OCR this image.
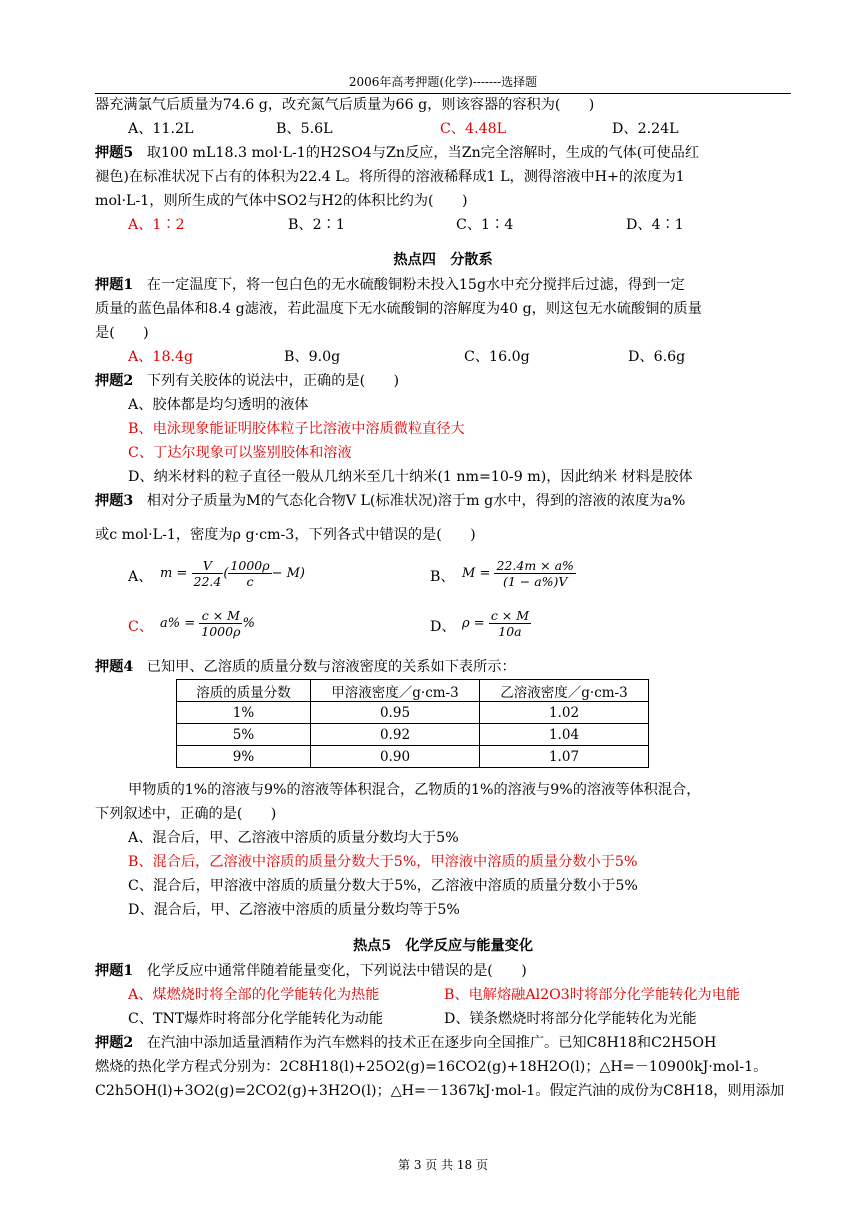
2006年高考押题(化学)-------选择题
器充满氯气后质量为74.6 g，改充氮气后质量为66 g，则该容器的容积为(　　)
A、11.2L	B、5.6L	C、4.48L	D、2.24L
押题5 取100 mL18.3 mol·L-1的H2SO4与Zn反应，当Zn完全溶解时，生成的气体(可使品红
褪色)在标准状况下占有的体积为22.4 L。将所得的溶液稀释成1 L，测得溶液中H+的浓度为1
mol·L-1，则所生成的气体中SO2与H2的体积比约为(　　)
A、1∶2	B、2∶1	C、1∶4	D、4∶1
热点四　分散系
押题1 在一定温度下，将一包白色的无水硫酸铜粉未投入15g水中充分搅拌后过滤，得到一定
质量的蓝色晶体和8.4 g滤液，若此温度下无水硫酸铜的溶解度为40 g，则这包无水硫酸铜的质量
是(　　)
A、18.4g	B、9.0g	C、16.0g	D、6.6g
押题2 下列有关胶体的说法中，正确的是(　　)
A、胶体都是均匀透明的液体
B、电泳现象能证明胶体粒子比溶液中溶质微粒直径大
C、丁达尔现象可以鉴别胶体和溶液
D、纳米材料的粒子直径一般从几纳米至几十纳米(1 nm=10-9 m)，因此纳米 材料是胶体
押题3 相对分子质量为M的气态化合物V L(标准状况)溶于m g水中，得到的溶液的浓度为a%
或c mol·L-1，密度为ρ g·cm-3，下列各式中错误的是(　　)
A、 $m = \frac{V}{22.4}$ ( $\frac{1000\rho}{c} - M$)	B、 $M = \frac{22.4m \times a\%}{(1 - a\%)V}$
C、 $a\% = \frac{c \times M}{1000\rho}$ %	D、 $\rho = \frac{c \times M}{10a}$
押题4 已知甲、乙溶质的质量分数与溶液密度的关系如下表所示：
溶质的质量分数	甲溶液密度／g·cm-3	乙溶液密度／g·cm-3
1%	0.95	1.02
5%	0.92	1.04
9%	0.90	1.07
甲物质的1%的溶液与9%的溶液等体积混合，乙物质的1%的溶液与9%的溶液等体积混合，
下列叙述中，正确的是(　　)
A、混合后，甲、乙溶液中溶质的质量分数均大于5%
B、混合后，乙溶液中溶质的质量分数大于5%，甲溶液中溶质的质量分数小于5%
C、混合后，甲溶液中溶质的质量分数大于5%，乙溶液中溶质的质量分数小于5%
D、混合后，甲、乙溶液中溶质的质量分数均等于5%
热点5　化学反应与能量变化
押题1 化学反应中通常伴随着能量变化，下列说法中错误的是(　　)
A、煤燃烧时将全部的化学能转化为热能	B、电解熔融Al2O3时将部分化学能转化为电能
C、TNT爆炸时将部分化学能转化为动能	D、镁条燃烧时将部分化学能转化为光能
押题2 在汽油中添加适量酒精作为汽车燃料的技术正在逐步向全国推广。已知C8H18和C2H5OH
燃烧的热化学方程式分别为：2C8H18(l)+25O2(g)=16CO2(g)+18H2O(l)；△H=－10900kJ·mol-1。
C2h5OH(l)+3O2(g)=2CO2(g)+3H2O(l)；△H=－1367kJ·mol-1。假定汽油的成份为C8H18，则用添加
第 3 页 共 18 页
